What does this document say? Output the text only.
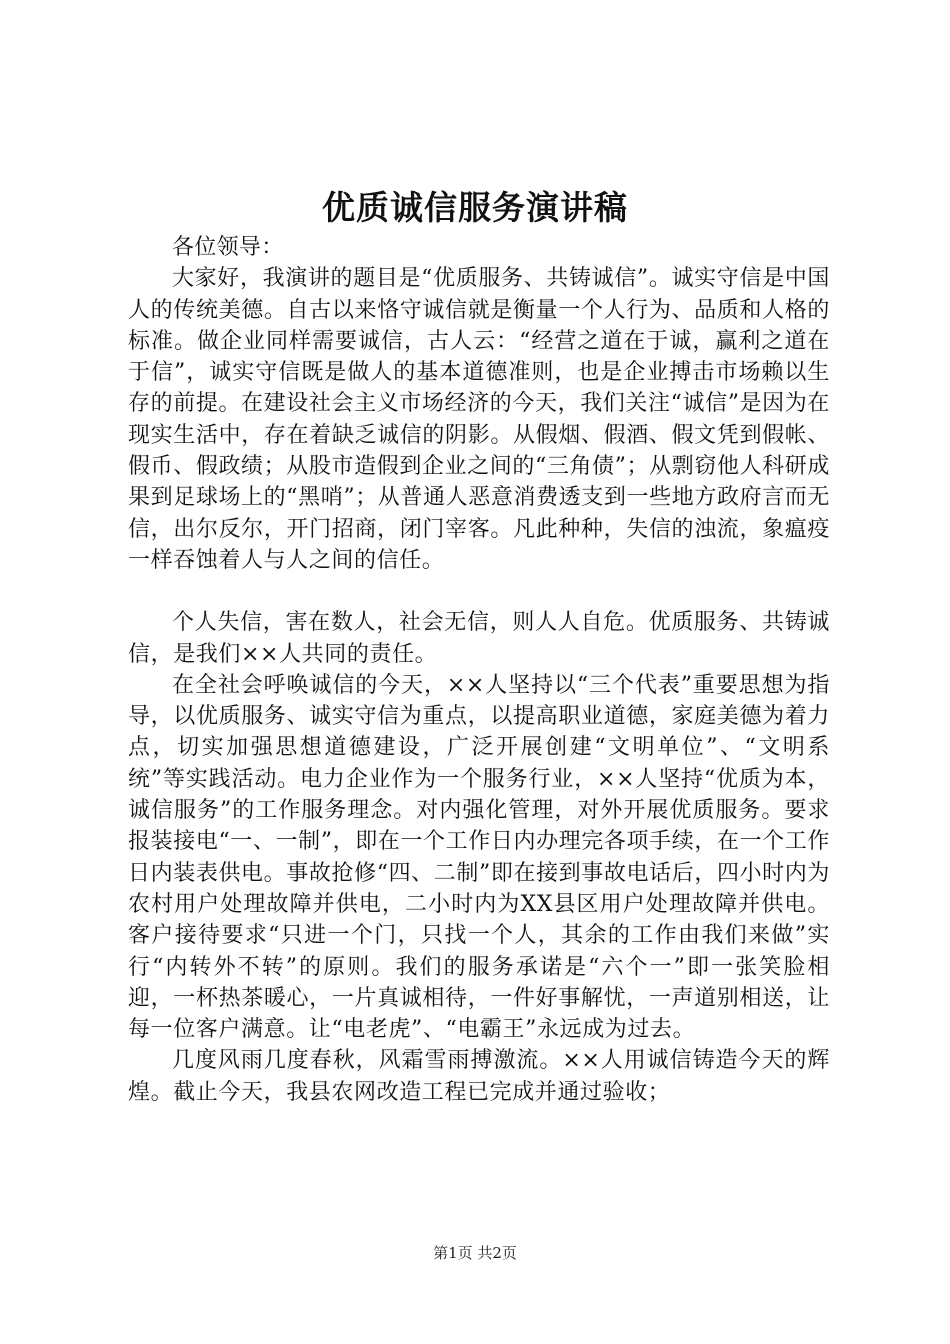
优质诚信服务演讲稿

各位领导：

大家好，我演讲的题目是“优质服务、共铸诚信”。诚实守信是中国人的传统美德。自古以来恪守诚信就是衡量一个人行为、品质和人格的标准。做企业同样需要诚信，古人云：“经营之道在于诚，赢利之道在于信”，诚实守信既是做人的基本道德准则，也是企业搏击市场赖以生存的前提。在建设社会主义市场经济的今天，我们关注“诚信”是因为在现实生活中，存在着缺乏诚信的阴影。从假烟、假酒、假文凭到假帐、假币、假政绩；从股市造假到企业之间的“三角债”；从剽窃他人科研成果到足球场上的“黑哨”；从普通人恶意消费透支到一些地方政府言而无信，出尔反尔，开门招商，闭门宰客。凡此种种，失信的浊流，象瘟疫一样吞蚀着人与人之间的信任。

个人失信，害在数人，社会无信，则人人自危。优质服务、共铸诚信，是我们××人共同的责任。

在全社会呼唤诚信的今天，××人坚持以“三个代表”重要思想为指导，以优质服务、诚实守信为重点，以提高职业道德，家庭美德为着力点，切实加强思想道德建设，广泛开展创建“文明单位”、“文明系统”等实践活动。电力企业作为一个服务行业，××人坚持“优质为本，诚信服务”的工作服务理念。对内强化管理，对外开展优质服务。要求报装接电“一、一制”，即在一个工作日内办理完各项手续，在一个工作日内装表供电。事故抢修“四、二制”即在接到事故电话后，四小时内为农村用户处理故障并供电，二小时内为XX县区用户处理故障并供电。客户接待要求“只进一个门，只找一个人，其余的工作由我们来做”实行“内转外不转”的原则。我们的服务承诺是“六个一”即一张笑脸相迎，一杯热茶暖心，一片真诚相待，一件好事解忧，一声道别相送，让每一位客户满意。让“电老虎”、“电霸王”永远成为过去。

几度风雨几度春秋，风霜雪雨搏激流。××人用诚信铸造今天的辉煌。截止今天，我县农网改造工程已完成并通过验收；

第1页 共2页
